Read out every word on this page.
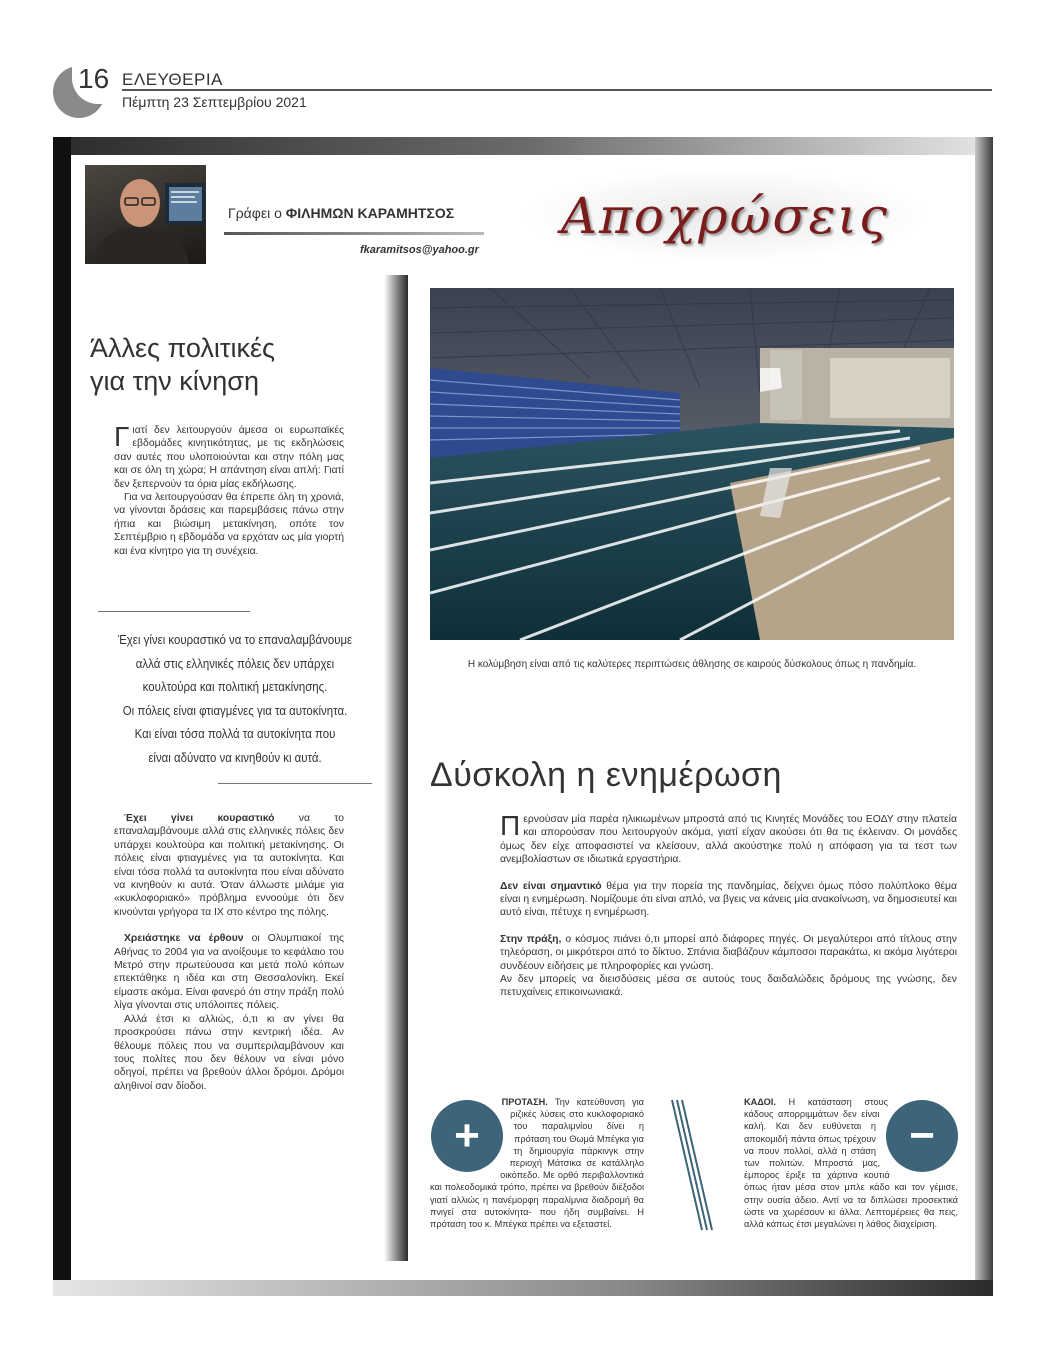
16 ΕΛΕΥΘΕΡΙΑ
Πέμπτη 23 Σεπτεμβρίου 2021
Γράφει ο ΦΙΛΗΜΩΝ ΚΑΡΑΜΗΤΣΟΣ
fkaramitsos@yahoo.gr
Αποχρώσεις
Άλλες πολιτικές
για την κίνηση

Γιατί δεν λειτουργούν άμεσα οι ευρωπαϊκές εβδομάδες κινητικότητας, με τις εκδηλώσεις σαν αυτές που υλοποιούνται και στην πόλη μας και σε όλη τη χώρα; Η απάντηση είναι απλή: Γιατί δεν ξεπερνούν τα όρια μίας εκδήλωσης.

Για να λειτουργούσαν θα έπρεπε όλη τη χρονιά, να γίνονται δράσεις και παρεμβάσεις πάνω στην ήπια και βιώσιμη μετακίνηση, οπότε τον Σεπτέμβριο η εβδομάδα να ερχόταν ως μία γιορτή και ένα κίνητρο για τη συνέχεια.

Έχει γίνει κουραστικό να το επαναλαμβάνουμε
αλλά στις ελληνικές πόλεις δεν υπάρχει
κουλτούρα και πολιτική μετακίνησης.
Οι πόλεις είναι φτιαγμένες για τα αυτοκίνητα.
Και είναι τόσα πολλά τα αυτοκίνητα που
είναι αδύνατο να κινηθούν κι αυτά.

Έχει γίνει κουραστικό να το επαναλαμβάνουμε αλλά στις ελληνικές πόλεις δεν υπάρχει κουλτούρα και πολιτική μετακίνησης. Οι πόλεις είναι φτιαγμένες για τα αυτοκίνητα. Και είναι τόσα πολλά τα αυτοκίνητα που είναι αδύνατο να κινηθούν κι αυτά. Όταν άλλωστε μιλάμε για «κυκλοφοριακό» πρόβλημα εννοούμε ότι δεν κινούνται γρήγορα τα ΙΧ στο κέντρο της πόλης.

Χρειάστηκε να έρθουν οι Ολυμπιακοί της Αθήνας το 2004 για να ανοίξουμε το κεφάλαιο του Μετρό στην πρωτεύουσα και μετά πολύ κόπων επεκτάθηκε η ιδέα και στη Θεσσαλονίκη. Εκεί είμαστε ακόμα. Είναι φανερό ότι στην πράξη πολύ λίγα γίνονται στις υπόλοιπες πόλεις.

Αλλά έτσι κι αλλιώς, ό,τι κι αν γίνει θα προσκρούσει πάνω στην κεντρική ιδέα. Αν θέλουμε πόλεις που να συμπεριλαμβάνουν και τους πολίτες που δεν θέλουν να είναι μόνο οδηγοί, πρέπει να βρεθούν άλλοι δρόμοι. Δρόμοι αληθινοί σαν δίοδοι.

Η κολύμβηση είναι από τις καλύτερες περιπτώσεις άθλησης σε καιρούς δύσκολους όπως η πανδημία.
Δύσκολη η ενημέρωση

Περνούσαν μία παρέα ηλικιωμένων μπροστά από τις Κινητές Μονάδες του ΕΟΔΥ στην πλατεία και απορούσαν που λειτουργούν ακόμα, γιατί είχαν ακούσει ότι θα τις έκλειναν. Οι μονάδες όμως δεν είχε αποφασιστεί να κλείσουν, αλλά ακούστηκε πολύ η απόφαση για τα τεστ των ανεμβολίαστων σε ιδιωτικά εργαστήρια.

Δεν είναι σημαντικό θέμα για την πορεία της πανδημίας, δείχνει όμως πόσο πολύπλοκο θέμα είναι η ενημέρωση. Νομίζουμε ότι είναι απλό, να βγεις να κάνεις μία ανακοίνωση, να δημοσιευτεί και αυτό είναι, πέτυχε η ενημέρωση.

Στην πράξη, ο κόσμος πιάνει ό,τι μπορεί από διάφορες πηγές. Οι μεγαλύτεροι από τίτλους στην τηλεόραση, οι μικρότεροι από το δίκτυο. Σπάνια διαβάζουν κάμποσοι παρακάτω, κι ακόμα λιγότεροι συνδέουν ειδήσεις με πληροφορίες και γνώση.

Αν δεν μπορείς να διεισδύσεις μέσα σε αυτούς τους δαιδαλώδεις δρόμους της γνώσης, δεν πετυχαίνεις επικοινωνιακά.

+

ΠΡΟΤΑΣΗ. Την κατεύθυνση για ριζικές λύσεις στο κυκλοφοριακό του παραλιμνίου δίνει η πρόταση του Θωμά Μπέγκα για τη δημιουργία πάρκινγκ στην περιοχή Μάτσικα σε κατάλληλο οικόπεδο. Με ορθό περιβαλλοντικά και πολεοδομικά τρόπο, πρέπει να βρεθούν διέξοδοι γιατί αλλιώς η πανέμορφη παραλίμνια διαδρομή θα πνιγεί στα αυτοκίνητα- που ήδη συμβαίνει. Η πρόταση του κ. Μπέγκα πρέπει να εξεταστεί.

−

ΚΑΔΟΙ. Η κατάσταση στους κάδους απορριμμάτων δεν είναι καλή. Και δεν ευθύνεται η αποκομιδή πάντα όπως τρέχουν να πουν πολλοί, αλλά η στάση των πολιτών. Μπροστά μας, έμπορος έριξε τα χάρτινα κουτιά όπως ήταν μέσα στον μπλε κάδο και τον γέμισε, στην ουσία άδειο. Αντί να τα διπλώσει προσεκτικά ώστε να χωρέσουν κι άλλα. Λεπτομέρειες θα πεις, αλλά κάπως έτσι μεγαλώνει η λάθος διαχείριση.
